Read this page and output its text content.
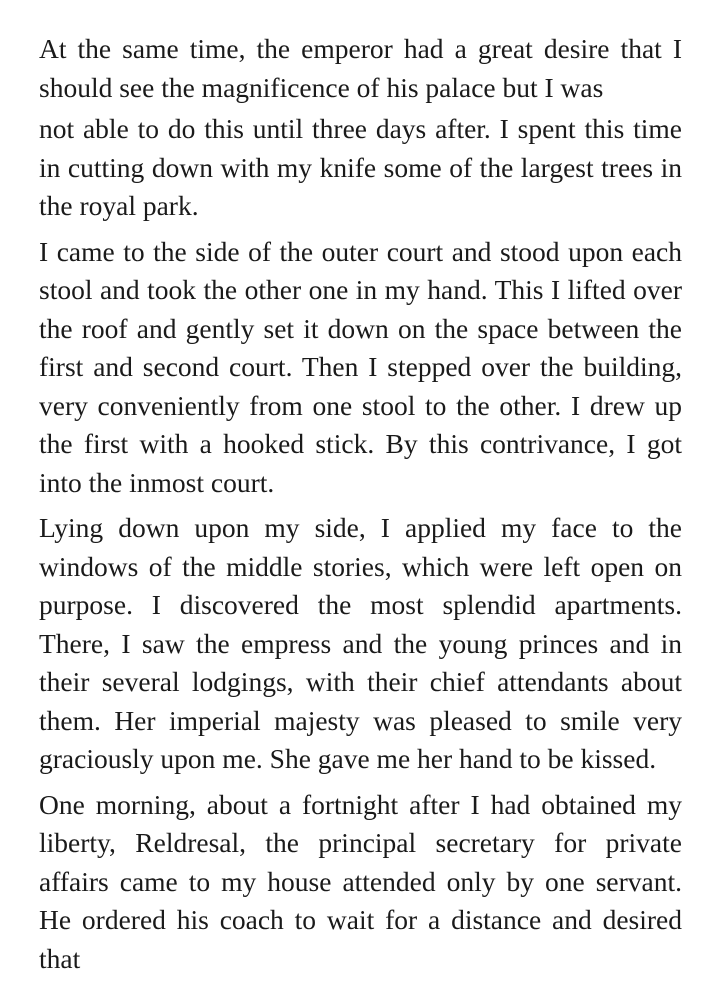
At the same time, the emperor had a great desire that I should see the magnificence of his palace but I was

not able to do this until three days after. I spent this time in cutting down with my knife some of the largest trees in the royal park.

I came to the side of the outer court and stood upon each stool and took the other one in my hand. This I lifted over the roof and gently set it down on the space between the first and second court. Then I stepped over the building, very conveniently from one stool to the other. I drew up the first with a hooked stick. By this contrivance, I got into the inmost court.

Lying down upon my side, I applied my face to the windows of the middle stories, which were left open on purpose. I discovered the most splendid apartments. There, I saw the empress and the young princes and in their several lodgings, with their chief attendants about them. Her imperial majesty was pleased to smile very graciously upon me. She gave me her hand to be kissed.

One morning, about a fortnight after I had obtained my liberty, Reldresal, the principal secretary for private affairs came to my house attended only by one servant. He ordered his coach to wait for a distance and desired that
